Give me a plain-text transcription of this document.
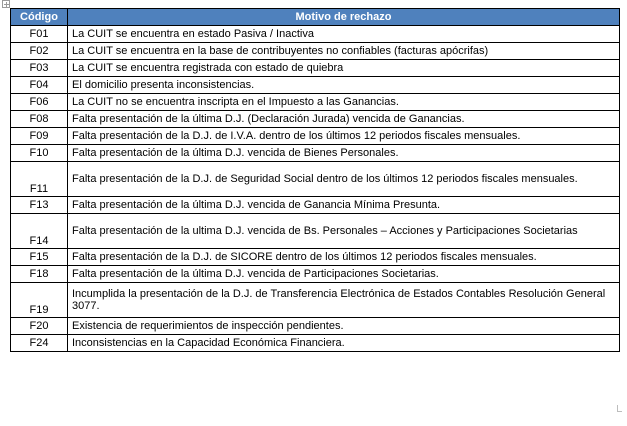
Código	Motivo de rechazo
F01	La CUIT se encuentra en estado Pasiva / Inactiva
F02	La CUIT se encuentra en la base de contribuyentes no confiables (facturas apócrifas)
F03	La CUIT se encuentra registrada con estado de quiebra
F04	El domicilio presenta inconsistencias.
F06	La CUIT no se encuentra inscripta en el Impuesto a las Ganancias.
F08	Falta presentación de la última D.J. (Declaración Jurada) vencida de Ganancias.
F09	Falta presentación de la D.J. de I.V.A. dentro de los últimos 12 periodos fiscales mensuales.
F10	Falta presentación de la última D.J. vencida de Bienes Personales.
F11	Falta presentación de la D.J. de Seguridad Social dentro de los últimos 12 periodos fiscales mensuales.
F13	Falta presentación de la última D.J. vencida de Ganancia Mínima Presunta.
F14	Falta presentación de la ultima D.J. vencida de Bs. Personales – Acciones y Participaciones Societarias
F15	Falta presentación de la D.J. de SICORE dentro de los últimos 12 periodos fiscales mensuales.
F18	Falta presentación de la última D.J. vencida de Participaciones Societarias.
F19	Incumplida la presentación de la D.J. de Transferencia Electrónica de Estados Contables Resolución General 3077.
F20	Existencia de requerimientos de inspección pendientes.
F24	Inconsistencias en la Capacidad Económica Financiera.
